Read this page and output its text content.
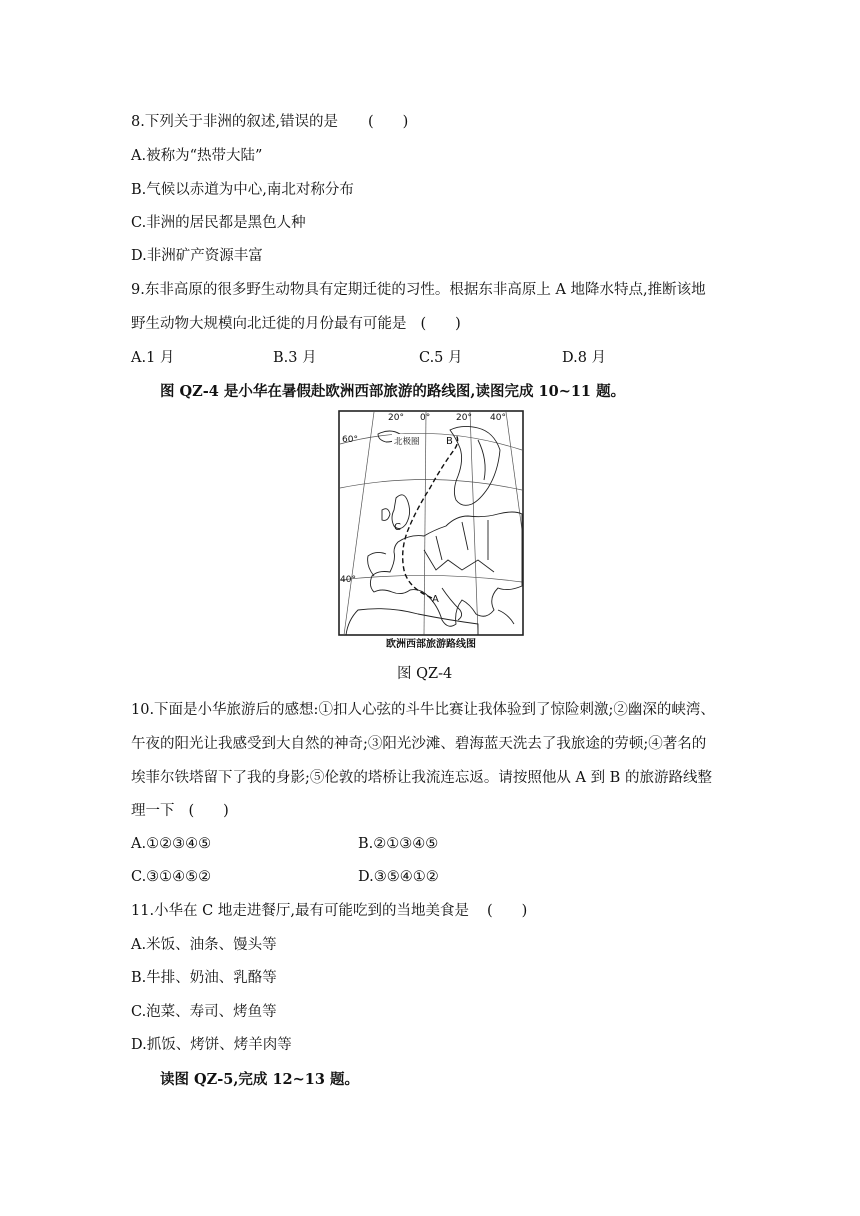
8.下列关于非洲的叙述,错误的是 (　　)
A.被称为“热带大陆”
B.气候以赤道为中心,南北对称分布
C.非洲的居民都是黑色人种
D.非洲矿产资源丰富
9.东非高原的很多野生动物具有定期迁徙的习性。根据东非高原上 A 地降水特点,推断该地
野生动物大规模向北迁徙的月份最有可能是 (　　)
A.1 月	B.3 月	C.5 月	D.8 月
图 QZ-4 是小华在暑假赴欧洲西部旅游的路线图,读图完成 10~11 题。
20° 0°	20° 40°
60°
40°
北极圈	B
C
A
欧洲西部旅游路线图
图 QZ-4
10.下面是小华旅游后的感想:①扣人心弦的斗牛比赛让我体验到了惊险刺激;②幽深的峡湾、
午夜的阳光让我感受到大自然的神奇;③阳光沙滩、碧海蓝天洗去了我旅途的劳顿;④著名的
埃菲尔铁塔留下了我的身影;⑤伦敦的塔桥让我流连忘返。请按照他从 A 到 B 的旅游路线整
理一下 (　　)
A.①②③④⑤	B.②①③④⑤
C.③①④⑤②	D.③⑤④①②
11.小华在 C 地走进餐厅,最有可能吃到的当地美食是 (　　)
A.米饭、油条、馒头等
B.牛排、奶油、乳酪等
C.泡菜、寿司、烤鱼等
D.抓饭、烤饼、烤羊肉等
读图 QZ-5,完成 12~13 题。
